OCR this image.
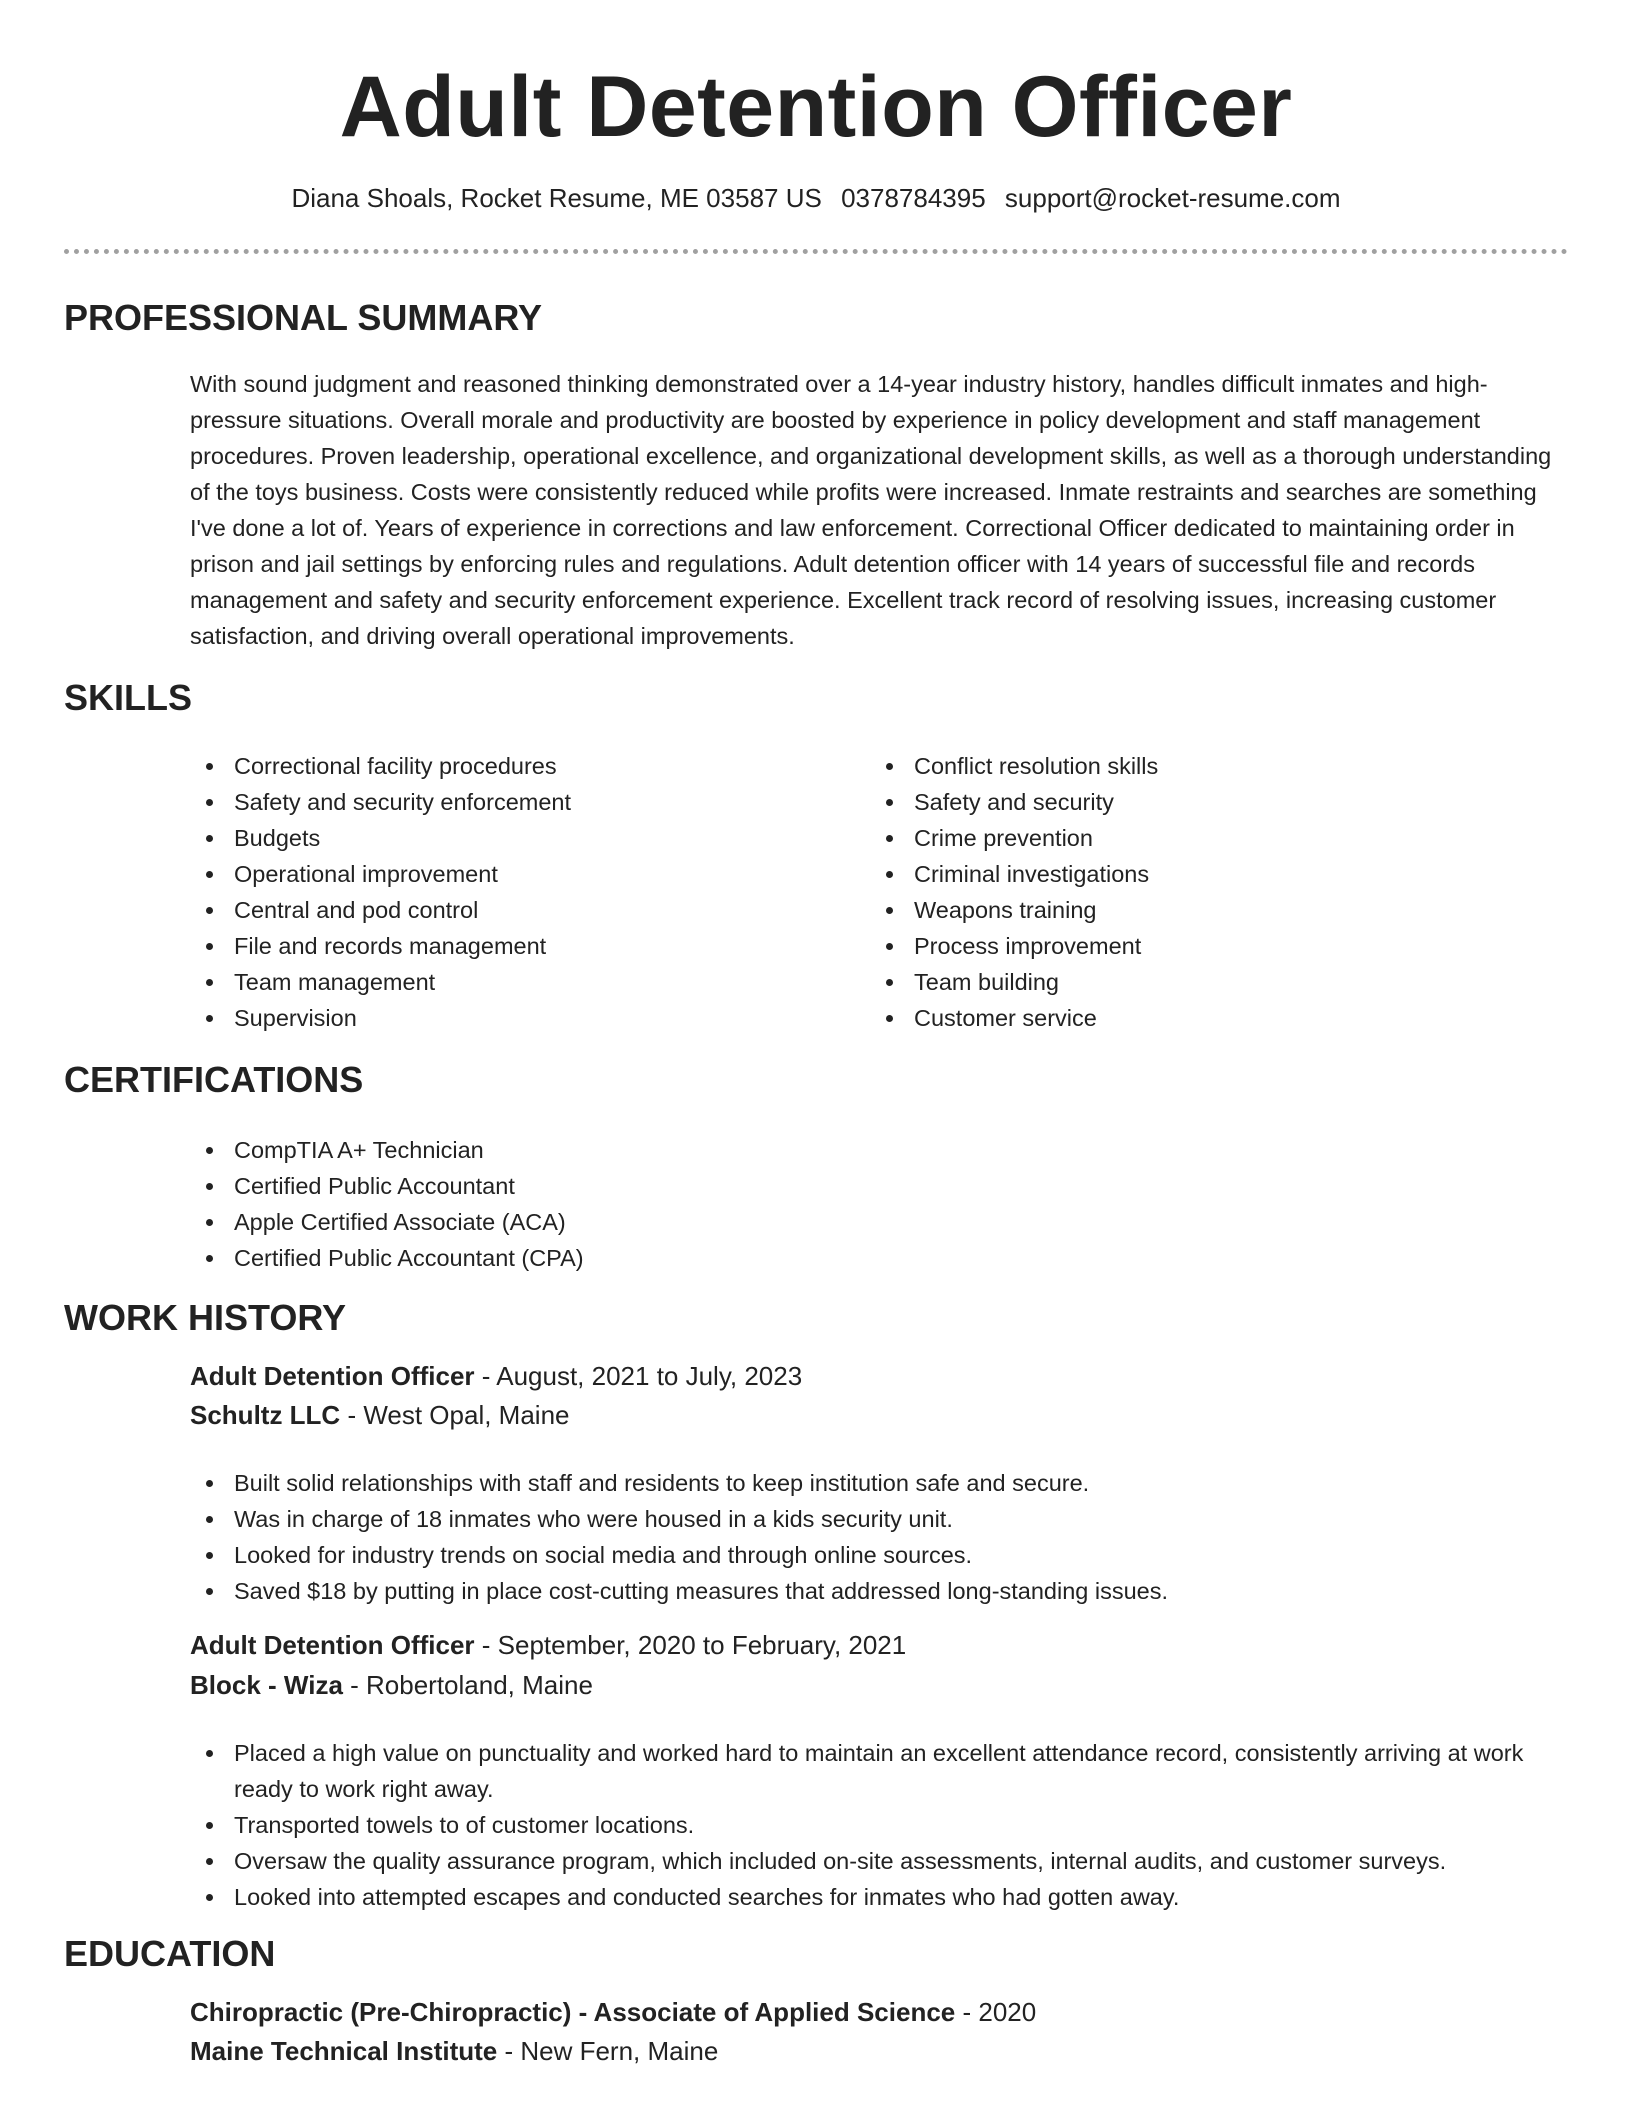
Adult Detention Officer
Diana Shoals, Rocket Resume, ME 03587 US 0378784395 support@rocket-resume.com
PROFESSIONAL SUMMARY

With sound judgment and reasoned thinking demonstrated over a 14-year industry history, handles difficult inmates and high-pressure situations. Overall morale and productivity are boosted by experience in policy development and staff management procedures. Proven leadership, operational excellence, and organizational development skills, as well as a thorough understanding of the toys business. Costs were consistently reduced while profits were increased. Inmate restraints and searches are something I've done a lot of. Years of experience in corrections and law enforcement. Correctional Officer dedicated to maintaining order in prison and jail settings by enforcing rules and regulations. Adult detention officer with 14 years of successful file and records management and safety and security enforcement experience. Excellent track record of resolving issues, increasing customer satisfaction, and driving overall operational improvements.

SKILLS
Correctional facility procedures
Safety and security enforcement
Budgets
Operational improvement
Central and pod control
File and records management
Team management
Supervision
Conflict resolution skills
Safety and security
Crime prevention
Criminal investigations
Weapons training
Process improvement
Team building
Customer service
CERTIFICATIONS
CompTIA A+ Technician
Certified Public Accountant
Apple Certified Associate (ACA)
Certified Public Accountant (CPA)
WORK HISTORY
Adult Detention Officer - August, 2021 to July, 2023
Schultz LLC - West Opal, Maine
Built solid relationships with staff and residents to keep institution safe and secure.
Was in charge of 18 inmates who were housed in a kids security unit.
Looked for industry trends on social media and through online sources.
Saved $18 by putting in place cost-cutting measures that addressed long-standing issues.
Adult Detention Officer - September, 2020 to February, 2021
Block - Wiza - Robertoland, Maine
Placed a high value on punctuality and worked hard to maintain an excellent attendance record, consistently arriving at work ready to work right away.
Transported towels to of customer locations.
Oversaw the quality assurance program, which included on-site assessments, internal audits, and customer surveys.
Looked into attempted escapes and conducted searches for inmates who had gotten away.
EDUCATION
Chiropractic (Pre-Chiropractic) - Associate of Applied Science - 2020
Maine Technical Institute - New Fern, Maine
